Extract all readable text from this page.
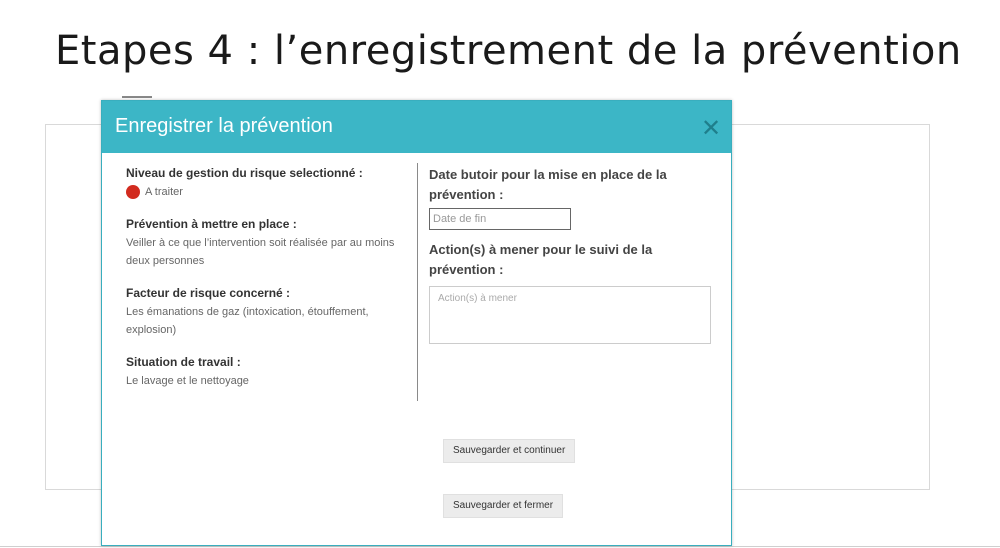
Etapes 4 : l’enregistrement de la prévention
Enregistrer la prévention	✕
Niveau de gestion du risque selectionné :
A traiter
Prévention à mettre en place :
Veiller à ce que l’intervention soit réalisée par au moins deux personnes
Facteur de risque concerné :
Les émanations de gaz (intoxication, étouffement, explosion)
Situation de travail :
Le lavage et le nettoyage
Date butoir pour la mise en place de la prévention :
Date de fin
Action(s) à mener pour le suivi de la prévention :
Action(s) à mener
Sauvegarder et continuer
Sauvegarder et fermer
